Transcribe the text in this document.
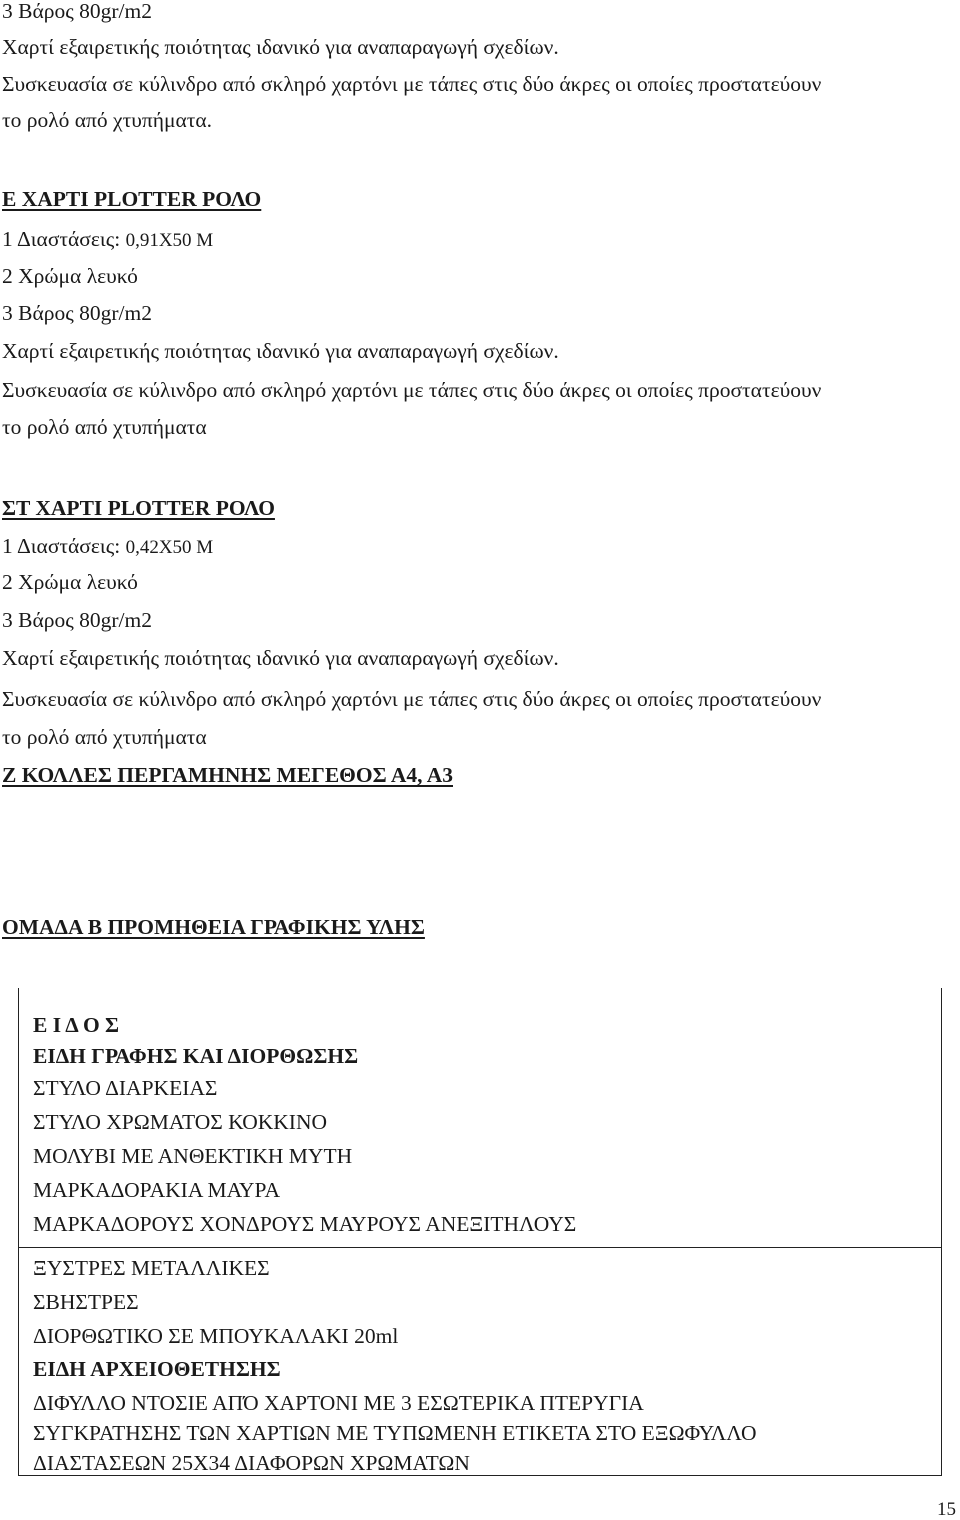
3 Βάρος 80gr/m2

Χαρτί εξαιρετικής ποιότητας ιδανικό για αναπαραγωγή σχεδίων.

Συσκευασία σε κύλινδρο από σκληρό χαρτόνι με τάπες στις δύο άκρες οι οποίες προστατεύουν

το ρολό από χτυπήματα.

Ε ΧΑΡΤΙ PLOTTER ΡΟΛΟ

1 Διαστάσεις: 0,91Χ50 Μ

2 Χρώμα λευκό

3 Βάρος 80gr/m2

Χαρτί εξαιρετικής ποιότητας ιδανικό για αναπαραγωγή σχεδίων.

Συσκευασία σε κύλινδρο από σκληρό χαρτόνι με τάπες στις δύο άκρες οι οποίες προστατεύουν

το ρολό από χτυπήματα

ΣΤ ΧΑΡΤΙ PLOTTER ΡΟΛΟ

1 Διαστάσεις: 0,42Χ50 Μ

2 Χρώμα λευκό

3 Βάρος 80gr/m2

Χαρτί εξαιρετικής ποιότητας ιδανικό για αναπαραγωγή σχεδίων.

Συσκευασία σε κύλινδρο από σκληρό χαρτόνι με τάπες στις δύο άκρες οι οποίες προστατεύουν

το ρολό από χτυπήματα

Ζ ΚΟΛΛΕΣ ΠΕΡΓΑΜΗΝΗΣ ΜΕΓΕΘΟΣ Α4, Α3

ΟΜΑΔΑ Β ΠΡΟΜΗΘΕΙΑ ΓΡΑΦΙΚΗΣ ΥΛΗΣ

Ε Ι Δ Ο Σ

ΕΙΔΗ ΓΡΑΦΗΣ ΚΑΙ ΔΙΟΡΘΩΣΗΣ

ΣΤΥΛΟ ΔΙΑΡΚΕΙΑΣ

ΣΤΥΛΟ ΧΡΩΜΑΤΟΣ ΚΟΚΚΙΝΟ

ΜΟΛΥΒΙ ΜΕ ΑΝΘΕΚΤΙΚΗ ΜΥΤΗ

ΜΑΡΚΑΔΟΡΑΚΙΑ ΜΑΥΡΑ

ΜΑΡΚΑΔΟΡΟΥΣ ΧΟΝΔΡΟΥΣ ΜΑΥΡΟΥΣ ΑΝΕΞΙΤΗΛΟΥΣ

ΞΥΣΤΡΕΣ ΜΕΤΑΛΛΙΚΕΣ

ΣΒΗΣΤΡΕΣ

ΔΙΟΡΘΩΤΙΚΟ ΣΕ ΜΠΟΥΚΑΛΑΚΙ 20ml

ΕΙΔΗ ΑΡΧΕΙΟΘΕΤΗΣΗΣ

ΔΙΦΥΛΛΟ ΝΤΟΣΙΕ ΑΠΌ ΧΑΡΤΟΝΙ ΜΕ 3 ΕΣΩΤΕΡΙΚΑ ΠΤΕΡΥΓΙΑ

ΣΥΓΚΡΑΤΗΣΗΣ ΤΩΝ ΧΑΡΤΙΩΝ ΜΕ ΤΥΠΩΜΕΝΗ ΕΤΙΚΕΤΑ ΣΤΟ ΕΞΩΦΥΛΛΟ

ΔΙΑΣΤΑΣΕΩΝ 25Χ34 ΔΙΑΦΟΡΩΝ ΧΡΩΜΑΤΩΝ

15
